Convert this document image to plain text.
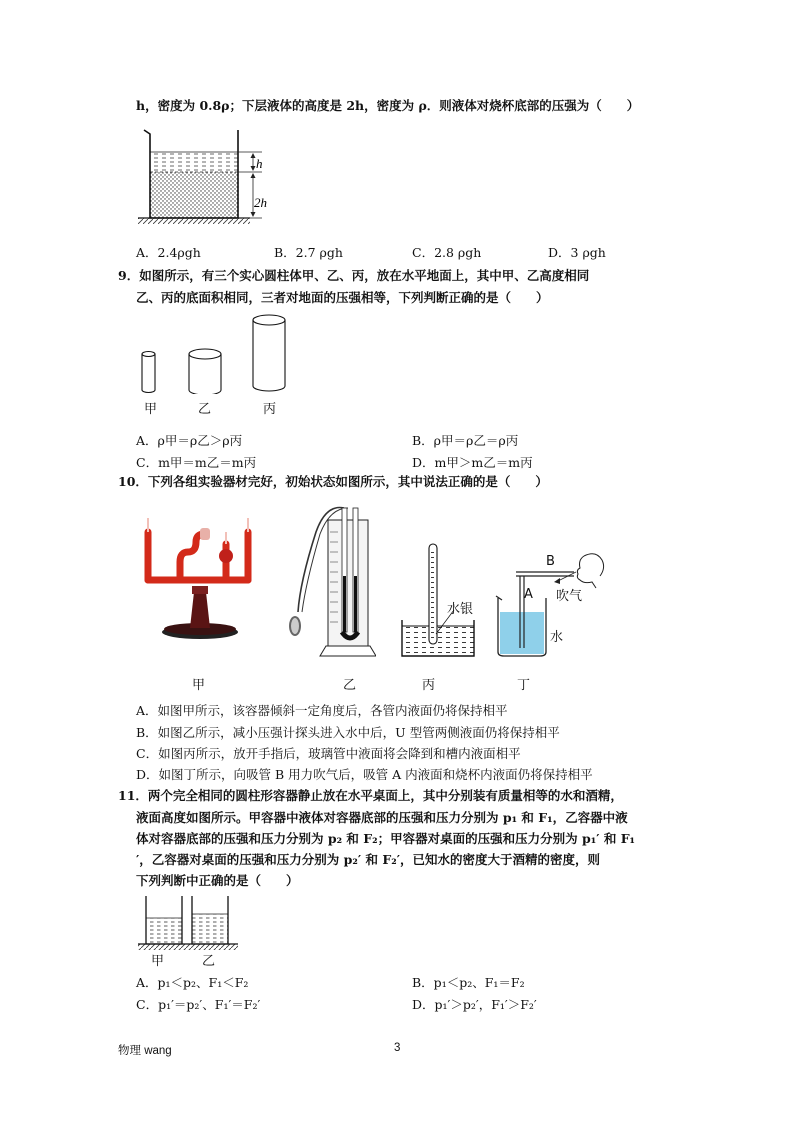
h，密度为 0.8ρ；下层液体的高度是 2h，密度为 ρ．则液体对烧杯底部的压强为（　　）
h
2h
A．2.4ρgh	B．2.7 ρgh	C．2.8 ρgh	D．3 ρgh
9．如图所示，有三个实心圆柱体甲、乙、丙，放在水平地面上，其中甲、乙高度相同
乙、丙的底面积相同，三者对地面的压强相等，下列判断正确的是（　　）
甲	乙	丙
A．ρ甲＝ρ乙＞ρ丙	B．ρ甲＝ρ乙＝ρ丙
C．m甲＝m乙＝m丙	D．m甲＞m乙＝m丙
10．下列各组实验器材完好，初始状态如图所示，其中说法正确的是（　　）
水银
B
A 吹气
水
甲	乙	丙	丁
A．如图甲所示，该容器倾斜一定角度后，各管内液面仍将保持相平
B．如图乙所示，减小压强计探头进入水中后，U 型管两侧液面仍将保持相平
C．如图丙所示，放开手指后，玻璃管中液面将会降到和槽内液面相平
D．如图丁所示，向吸管 B 用力吹气后，吸管 A 内液面和烧杯内液面仍将保持相平
11．两个完全相同的圆柱形容器静止放在水平桌面上，其中分别装有质量相等的水和酒精，
液面高度如图所示。甲容器中液体对容器底部的压强和压力分别为 p₁ 和 F₁，乙容器中液
体对容器底部的压强和压力分别为 p₂ 和 F₂；甲容器对桌面的压强和压力分别为 p₁′ 和 F₁
′，乙容器对桌面的压强和压力分别为 p₂′ 和 F₂′，已知水的密度大于酒精的密度，则
下列判断中正确的是（　　）
甲	乙
A．p₁＜p₂、F₁＜F₂	B．p₁＜p₂、F₁＝F₂
C．p₁′＝p₂′、F₁′＝F₂′	D．p₁′＞p₂′，F₁′＞F₂′
物理 wang	3
